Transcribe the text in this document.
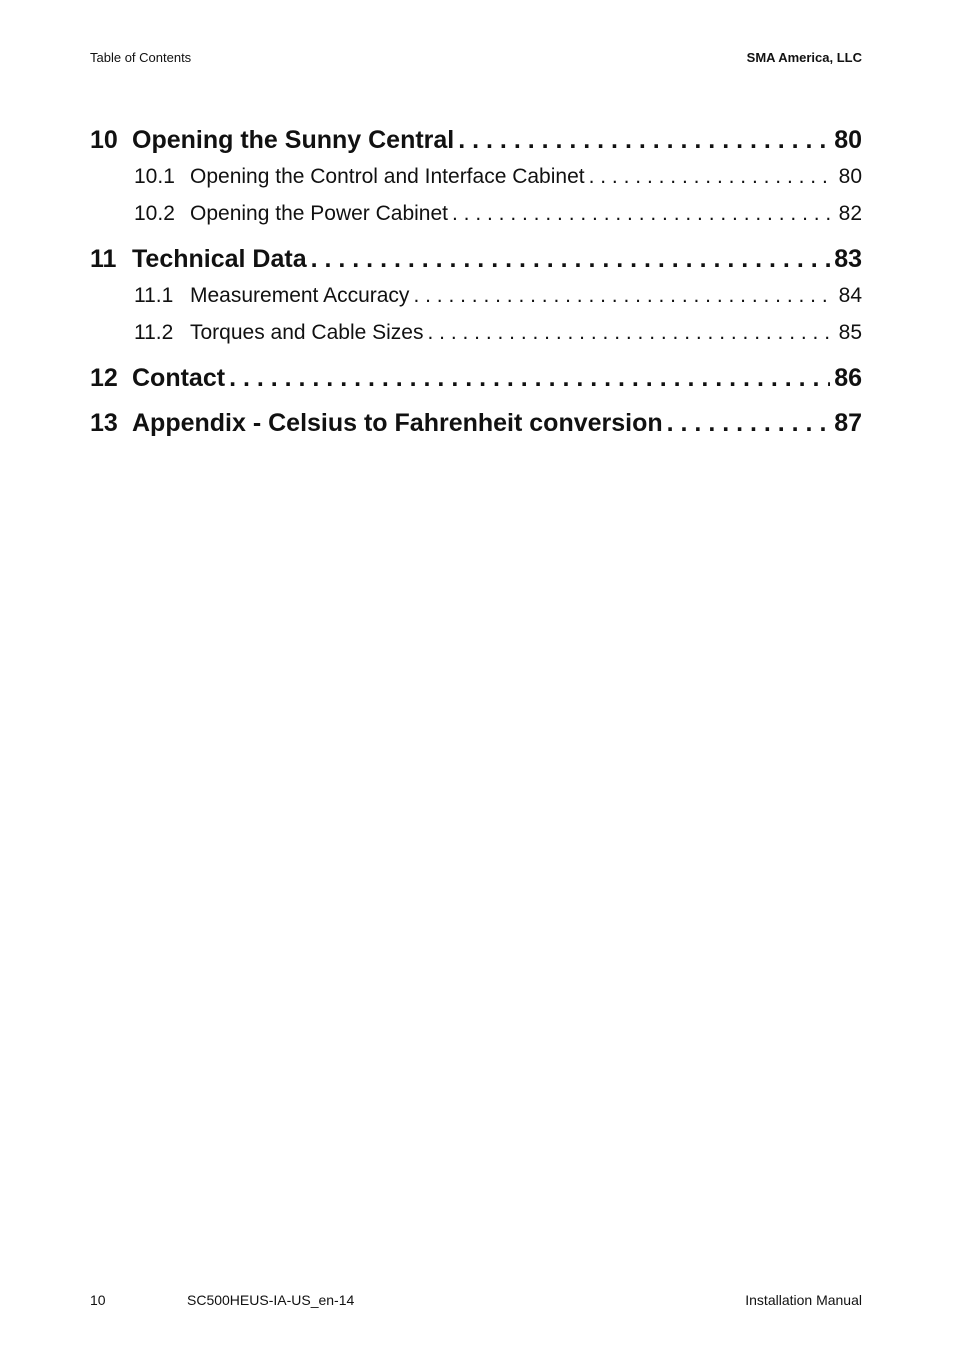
Table of Contents	SMA America, LLC
10 Opening the Sunny Central . . .	80
10.1 Opening the Control and Interface Cabinet . . .	80
10.2 Opening the Power Cabinet . . .	82
11 Technical Data . . .	83
11.1 Measurement Accuracy . . .	84
11.2 Torques and Cable Sizes . . .	85
12 Contact . . .	86
13 Appendix - Celsius to Fahrenheit conversion . . .	87
10	SC500HEUS-IA-US_en-14	Installation Manual
